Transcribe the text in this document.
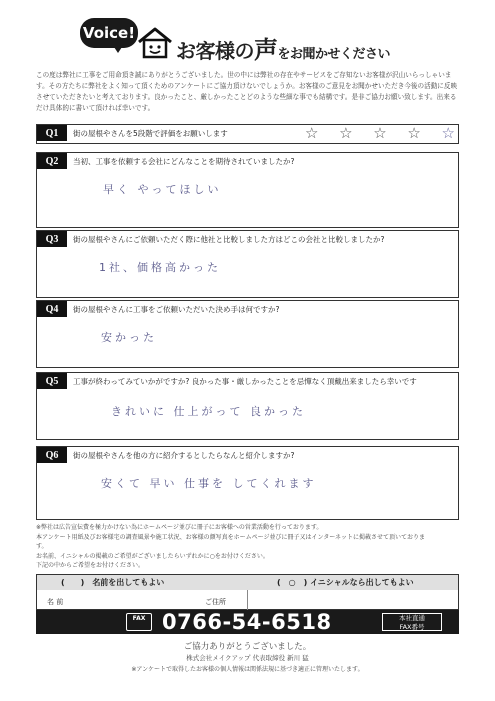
Voice!
お客様の声をお聞かせください
この度は弊社に工事をご用命頂き誠にありがとうございました。世の中には弊社の存在やサービスをご存知ないお客様が沢山いらっしゃいます。その方たちに弊社をよく知って頂くためのアンケートにご協力頂けないでしょうか。お客様のご意見をお聞かせいただき今後の活動に反映させていただきたいと考えております。良かったこと、厳しかったことどのような些細な事でも結構です。是非ご協力お願い致します。出来るだけ具体的に書いて頂ければ幸いです。
Q1	街の屋根やさんを5段階で評価をお願いします	☆ ☆ ☆ ☆ ☆
Q2	当初、工事を依頼する会社にどんなことを期待されていましたか?
早く やってほしい
Q3	街の屋根やさんにご依頼いただく際に他社と比較しました方はどこの会社と比較しましたか?
1社、価格高かった
Q4	街の屋根やさんに工事をご依頼いただいた決め手は何ですか?
安かった
Q5	工事が終わってみていかがですか? 良かった事・厳しかったことを忌憚なく頂戴出来ましたら幸いです
きれいに 仕上がって 良かった
Q6	街の屋根やさんを他の方に紹介するとしたらなんと紹介しますか?
安くて 早い 仕事を してくれます
※弊社は広告宣伝費を極力かけない為にホームページ並びに冊子にお客様への営業活動を行っております。
本アンケート用紙及びお客様宅の調査風景や施工状況、お客様の顔写真をホームページ並びに冊子又はインターネットに掲載させて頂いておりま
す。
お名前、イニシャルの掲載のご希望がございましたらいずれかに○をお付けください。
下記の中からご希望をお付けください。
(　　)　名前を出してもよい	(　○　) イニシャルなら出してもよい
名 前	ご住所
FAX 0766-54-6518	本社直通
FAX番号
ご協力ありがとうございました。
株式会社メイクアップ 代表取締役 新川 猛
※アンケートで取得したお客様の個人情報は関係法規に基づき適正に管理いたします。
